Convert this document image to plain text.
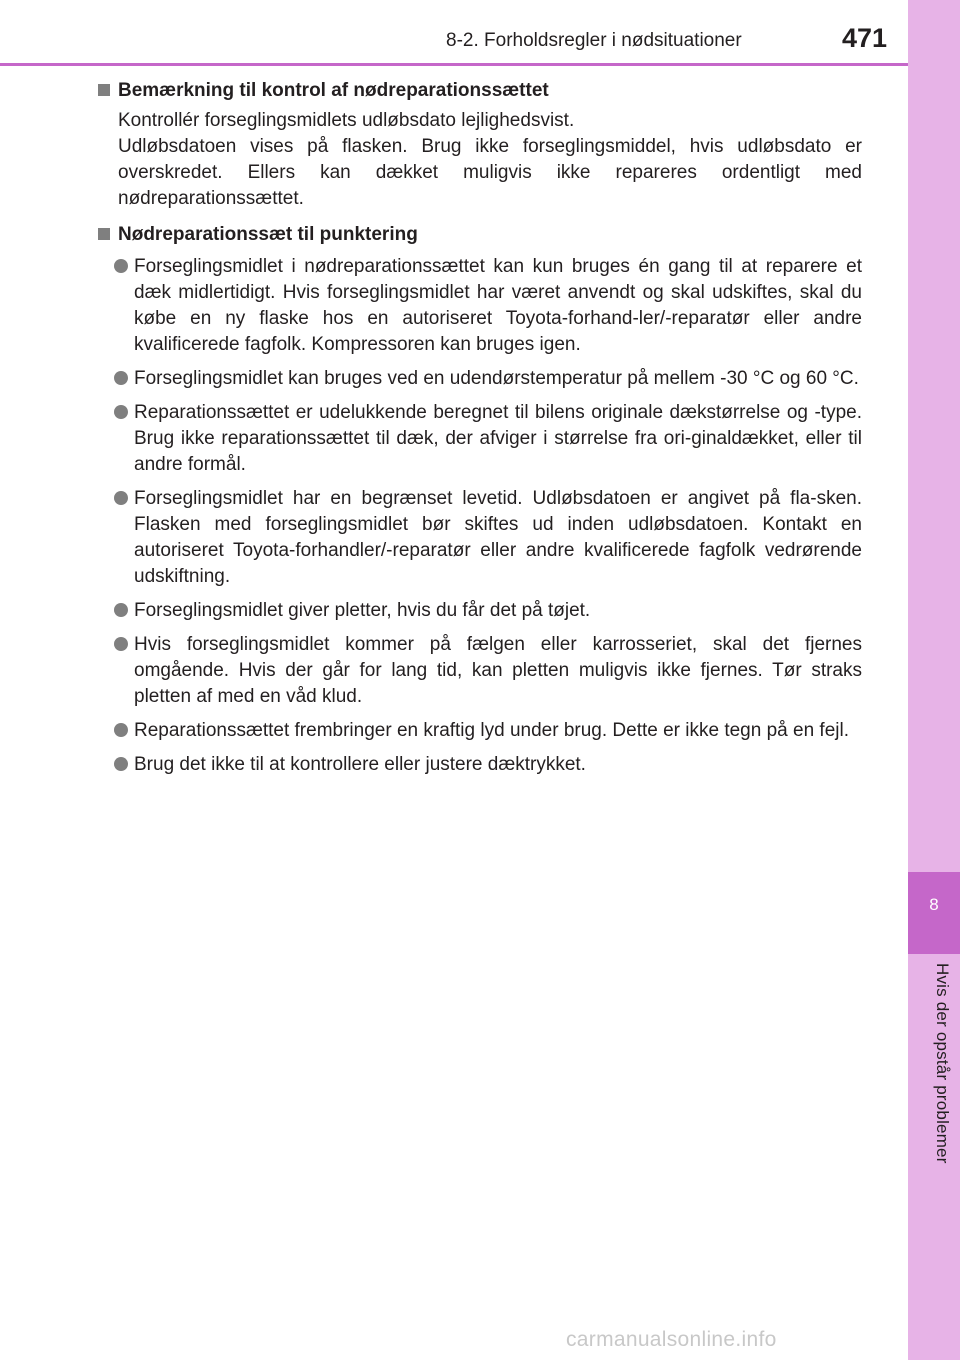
8
Hvis der opstår problemer
8-2. Forholdsregler i nødsituationer	471
Bemærkning til kontrol af nødreparationssættet
Kontrollér forseglingsmidlets udløbsdato lejlighedsvist.
Udløbsdatoen vises på flasken. Brug ikke forseglingsmiddel, hvis udløbsdato er overskredet. Ellers kan dækket muligvis ikke repareres ordentligt med nødreparationssættet.
Nødreparationssæt til punktering
Forseglingsmidlet i nødreparationssættet kan kun bruges én gang til at reparere et dæk midlertidigt. Hvis forseglingsmidlet har været anvendt og skal udskiftes, skal du købe en ny flaske hos en autoriseret Toyota-forhand-ler/-reparatør eller andre kvalificerede fagfolk. Kompressoren kan bruges igen.
Forseglingsmidlet kan bruges ved en udendørstemperatur på mellem -30 °C og 60 °C.
Reparationssættet er udelukkende beregnet til bilens originale dækstørrelse og -type. Brug ikke reparationssættet til dæk, der afviger i størrelse fra ori-ginaldækket, eller til andre formål.
Forseglingsmidlet har en begrænset levetid. Udløbsdatoen er angivet på fla-sken. Flasken med forseglingsmidlet bør skiftes ud inden udløbsdatoen. Kontakt en autoriseret Toyota-forhandler/-reparatør eller andre kvalificerede fagfolk vedrørende udskiftning.
Forseglingsmidlet giver pletter, hvis du får det på tøjet.
Hvis forseglingsmidlet kommer på fælgen eller karrosseriet, skal det fjernes omgående. Hvis der går for lang tid, kan pletten muligvis ikke fjernes. Tør straks pletten af med en våd klud.
Reparationssættet frembringer en kraftig lyd under brug. Dette er ikke tegn på en fejl.
Brug det ikke til at kontrollere eller justere dæktrykket.
carmanualsonline.info
